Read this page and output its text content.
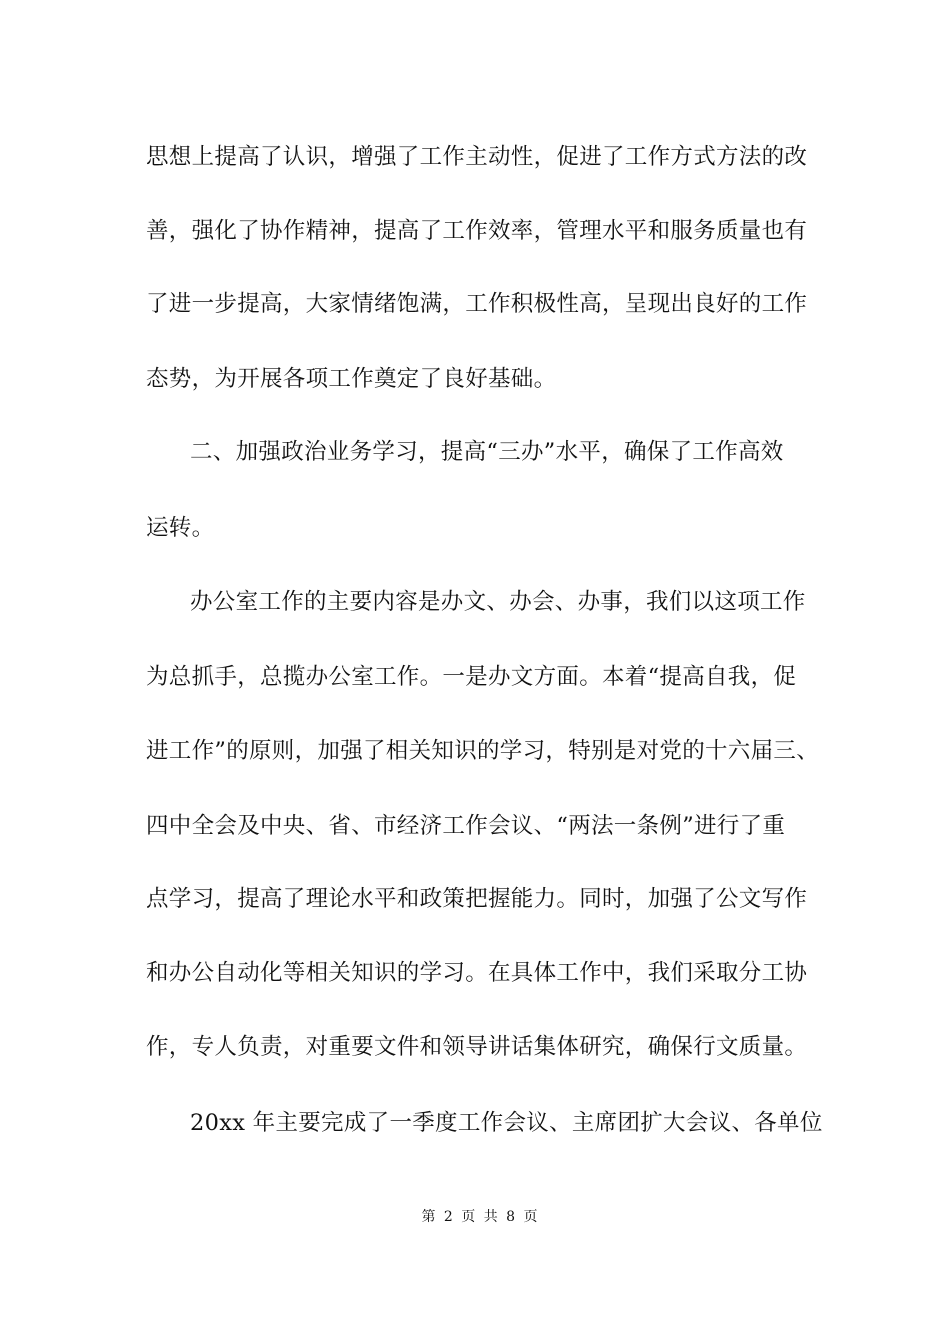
思想上提高了认识，增强了工作主动性，促进了工作方式方法的改
善，强化了协作精神，提高了工作效率，管理水平和服务质量也有
了进一步提高，大家情绪饱满，工作积极性高，呈现出良好的工作
态势，为开展各项工作奠定了良好基础。
二、加强政治业务学习，提高“三办”水平，确保了工作高效
运转。
办公室工作的主要内容是办文、办会、办事，我们以这项工作
为总抓手，总揽办公室工作。一是办文方面。本着“提高自我，促
进工作”的原则，加强了相关知识的学习，特别是对党的十六届三、
四中全会及中央、省、市经济工作会议、“两法一条例”进行了重
点学习，提高了理论水平和政策把握能力。同时，加强了公文写作
和办公自动化等相关知识的学习。在具体工作中，我们采取分工协
作，专人负责，对重要文件和领导讲话集体研究，确保行文质量。
20xx 年主要完成了一季度工作会议、主席团扩大会议、各单位
第 2 页 共 8 页
